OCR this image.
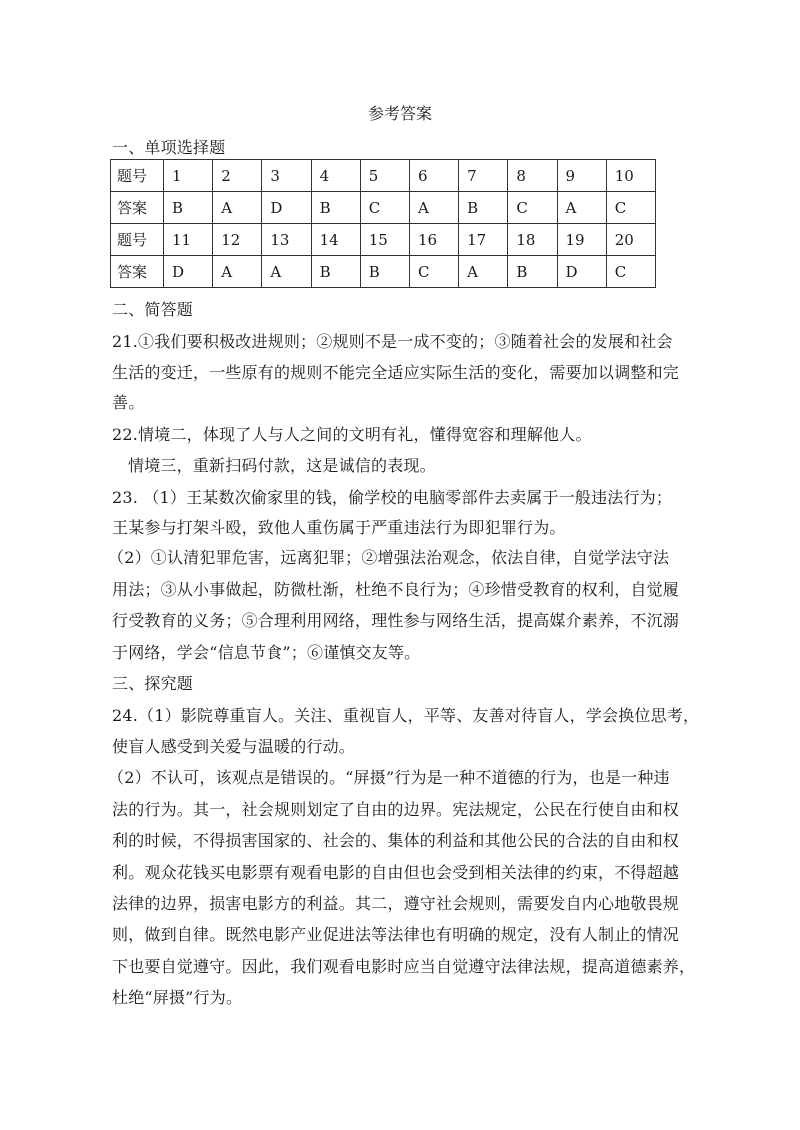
参考答案
一、单项选择题
题号	1	2	3	4	5	6	7	8	9	10
答案	B	A	D	B	C	A	B	C	A	C
题号	11	12	13	14	15	16	17	18	19	20
答案	D	A	A	B	B	C	A	B	D	C
二、简答题
21.①我们要积极改进规则；②规则不是一成不变的；③随着社会的发展和社会
生活的变迁，一些原有的规则不能完全适应实际生活的变化，需要加以调整和完
善。
22.情境二，体现了人与人之间的文明有礼，懂得宽容和理解他人。
情境三，重新扫码付款，这是诚信的表现。
23. （1）王某数次偷家里的钱，偷学校的电脑零部件去卖属于一般违法行为；
王某参与打架斗殴，致他人重伤属于严重违法行为即犯罪行为。
（2）①认清犯罪危害，远离犯罪；②增强法治观念，依法自律，自觉学法守法
用法；③从小事做起，防微杜渐，杜绝不良行为；④珍惜受教育的权利，自觉履
行受教育的义务；⑤合理利用网络，理性参与网络生活，提高媒介素养，不沉溺
于网络，学会“信息节食”；⑥谨慎交友等。
三、探究题
24.（1）影院尊重盲人。关注、重视盲人，平等、友善对待盲人，学会换位思考，
使盲人感受到关爱与温暖的行动。
（2）不认可，该观点是错误的。“屏摄”行为是一种不道德的行为，也是一种违
法的行为。其一，社会规则划定了自由的边界。宪法规定，公民在行使自由和权
利的时候，不得损害国家的、社会的、集体的利益和其他公民的合法的自由和权
利。观众花钱买电影票有观看电影的自由但也会受到相关法律的约束，不得超越
法律的边界，损害电影方的利益。其二，遵守社会规则，需要发自内心地敬畏规
则，做到自律。既然电影产业促进法等法律也有明确的规定，没有人制止的情况
下也要自觉遵守。因此，我们观看电影时应当自觉遵守法律法规，提高道德素养，
杜绝“屏摄”行为。
